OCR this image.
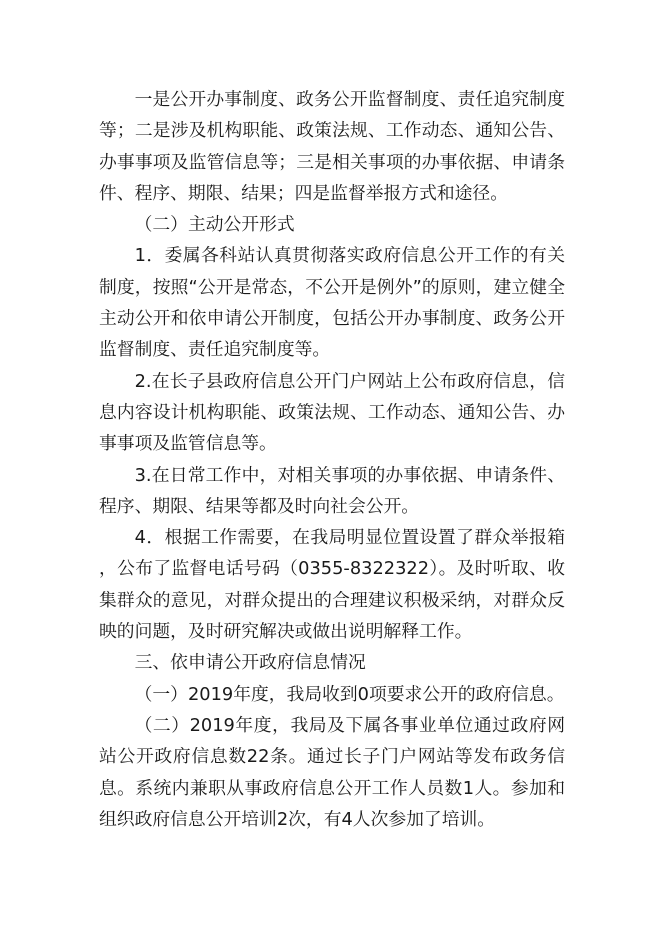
一是公开办事制度、政务公开监督制度、责任追究制度等；二是涉及机构职能、政策法规、工作动态、通知公告、办事事项及监管信息等；三是相关事项的办事依据、申请条件、程序、期限、结果；四是监督举报方式和途径。

（二）主动公开形式

1．委属各科站认真贯彻落实政府信息公开工作的有关制度，按照“公开是常态，不公开是例外”的原则，建立健全主动公开和依申请公开制度，包括公开办事制度、政务公开监督制度、责任追究制度等。

2.在长子县政府信息公开门户网站上公布政府信息，信息内容设计机构职能、政策法规、工作动态、通知公告、办事事项及监管信息等。

3.在日常工作中，对相关事项的办事依据、申请条件、程序、期限、结果等都及时向社会公开。

4．根据工作需要，在我局明显位置设置了群众举报箱，公布了监督电话号码（0355-8322322）。及时听取、收集群众的意见，对群众提出的合理建议积极采纳，对群众反映的问题，及时研究解决或做出说明解释工作。

三、依申请公开政府信息情况

（一）2019年度，我局收到0项要求公开的政府信息。

（二）2019年度，我局及下属各事业单位通过政府网站公开政府信息数22条。通过长子门户网站等发布政务信息。系统内兼职从事政府信息公开工作人员数1人。参加和组织政府信息公开培训2次，有4人次参加了培训。
